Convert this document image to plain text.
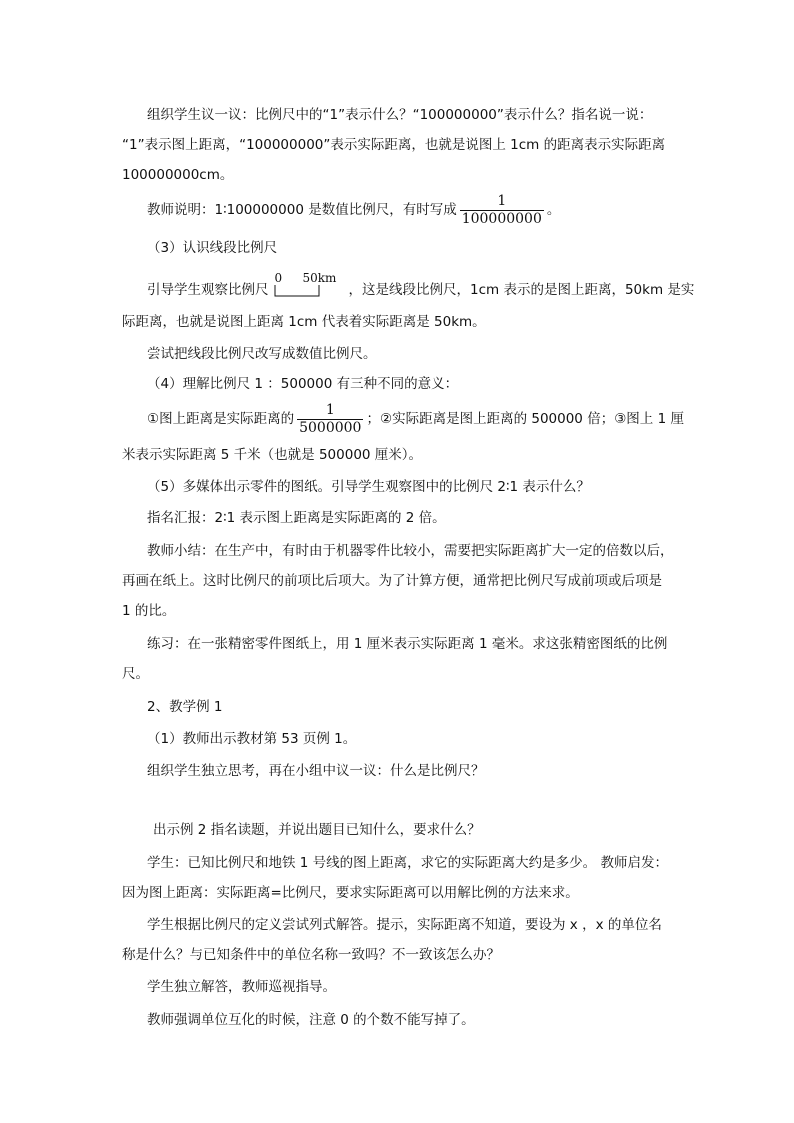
组织学生议一议：比例尺中的“1”表示什么？“100000000”表示什么？指名说一说：
“1”表示图上距离，“100000000”表示实际距离，也就是说图上 1cm 的距离表示实际距离
100000000cm。
教师说明：1∶100000000 是数值比例尺，有时写成 $\frac{1}{100000000}$ 。
（3）认识线段比例尺
引导学生观察比例尺
0 50km
，这是线段比例尺，1cm 表示的是图上距离，50km 是实
际距离，也就是说图上距离 1cm 代表着实际距离是 50km。
尝试把线段比例尺改写成数值比例尺。
（4）理解比例尺 1 ：500000 有三种不同的意义：
①图上距离是实际距离的 $\frac{1}{5000000}$ ；②实际距离是图上距离的 500000 倍；③图上 1 厘
米表示实际距离 5 千米（也就是 500000 厘米）。
（5）多媒体出示零件的图纸。引导学生观察图中的比例尺 2∶1 表示什么？
指名汇报：2∶1 表示图上距离是实际距离的 2 倍。
教师小结：在生产中，有时由于机器零件比较小，需要把实际距离扩大一定的倍数以后，
再画在纸上。这时比例尺的前项比后项大。为了计算方便，通常把比例尺写成前项或后项是
1 的比。
练习：在一张精密零件图纸上，用 1 厘米表示实际距离 1 毫米。求这张精密图纸的比例
尺。
2、教学例 1
（1）教师出示教材第 53 页例 1。
组织学生独立思考，再在小组中议一议：什么是比例尺？
出示例 2 指名读题，并说出题目已知什么，要求什么？
学生：已知比例尺和地铁 1 号线的图上距离，求它的实际距离大约是多少。 教师启发：
因为图上距离：实际距离=比例尺，要求实际距离可以用解比例的方法来求。
学生根据比例尺的定义尝试列式解答。提示，实际距离不知道，要设为 x ，x 的单位名
称是什么？与已知条件中的单位名称一致吗？不一致该怎么办？
学生独立解答，教师巡视指导。
教师强调单位互化的时候，注意 0 的个数不能写掉了。
